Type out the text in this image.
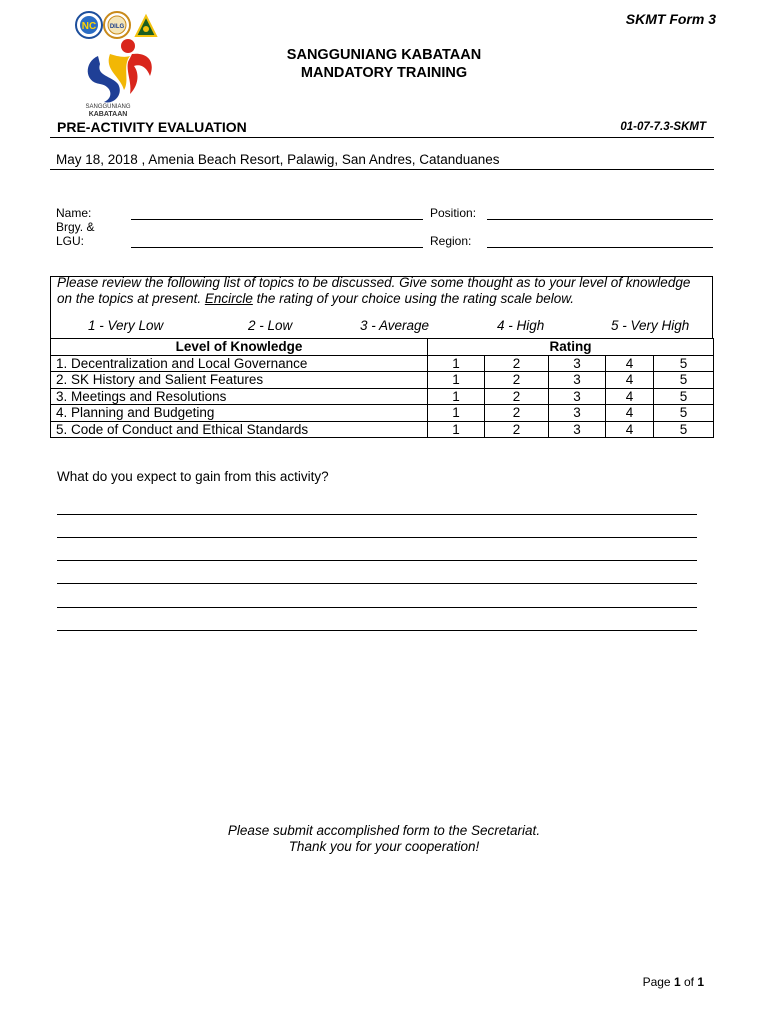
SKMT Form 3
NC DILG
SANGGUNIANG
KABATAAN
SANGGUNIANG KABATAAN
MANDATORY TRAINING
PRE-ACTIVITY EVALUATION	01-07-7.3-SKMT
May 18, 2018 , Amenia Beach Resort, Palawig, San Andres, Catanduanes
Name:	Position:
Brgy. &
LGU:	Region:
Please review the following list of topics to be discussed. Give some thought as to your level of knowledge on the topics at present. Encircle the rating of your choice using the rating scale below.
1 - Very Low	2 - Low	3 - Average	4 - High	5 - Very High
Level of Knowledge	Rating				
1. Decentralization and Local Governance	1	2	3	4	5
2. SK History and Salient Features	1	2	3	4	5
3. Meetings and Resolutions	1	2	3	4	5
4. Planning and Budgeting	1	2	3	4	5
5. Code of Conduct and Ethical Standards	1	2	3	4	5
What do you expect to gain from this activity?
Please submit accomplished form to the Secretariat.
Thank you for your cooperation!
Page 1 of 1
